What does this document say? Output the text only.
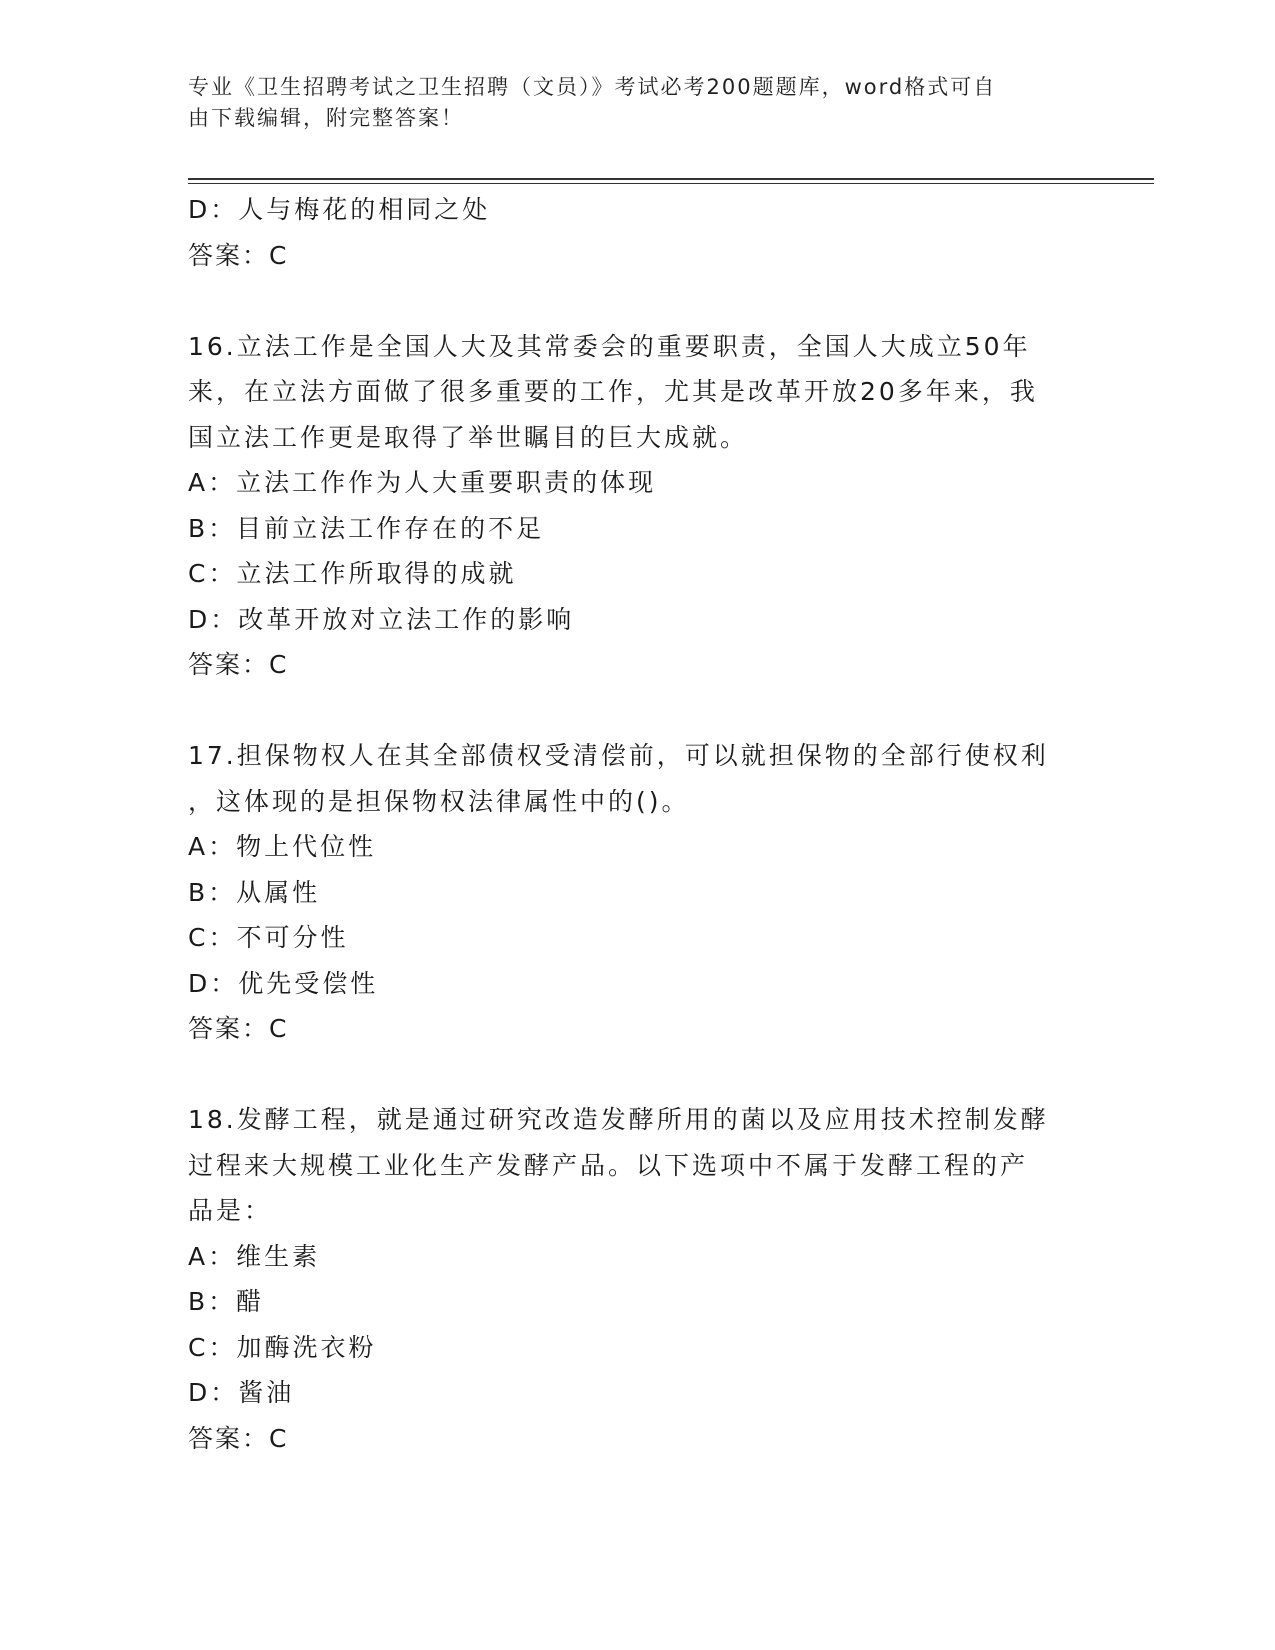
专业《卫生招聘考试之卫生招聘（文员）》考试必考200题题库，word格式可自
由下载编辑，附完整答案！
D：人与梅花的相同之处
答案：C
16.立法工作是全国人大及其常委会的重要职责，全国人大成立50年
来，在立法方面做了很多重要的工作，尤其是改革开放20多年来，我
国立法工作更是取得了举世瞩目的巨大成就。
A：立法工作作为人大重要职责的体现
B：目前立法工作存在的不足
C：立法工作所取得的成就
D：改革开放对立法工作的影响
答案：C
17.担保物权人在其全部债权受清偿前，可以就担保物的全部行使权利
，这体现的是担保物权法律属性中的()。
A：物上代位性
B：从属性
C：不可分性
D：优先受偿性
答案：C
18.发酵工程，就是通过研究改造发酵所用的菌以及应用技术控制发酵
过程来大规模工业化生产发酵产品。以下选项中不属于发酵工程的产
品是：
A：维生素
B：醋
C：加酶洗衣粉
D：酱油
答案：C
